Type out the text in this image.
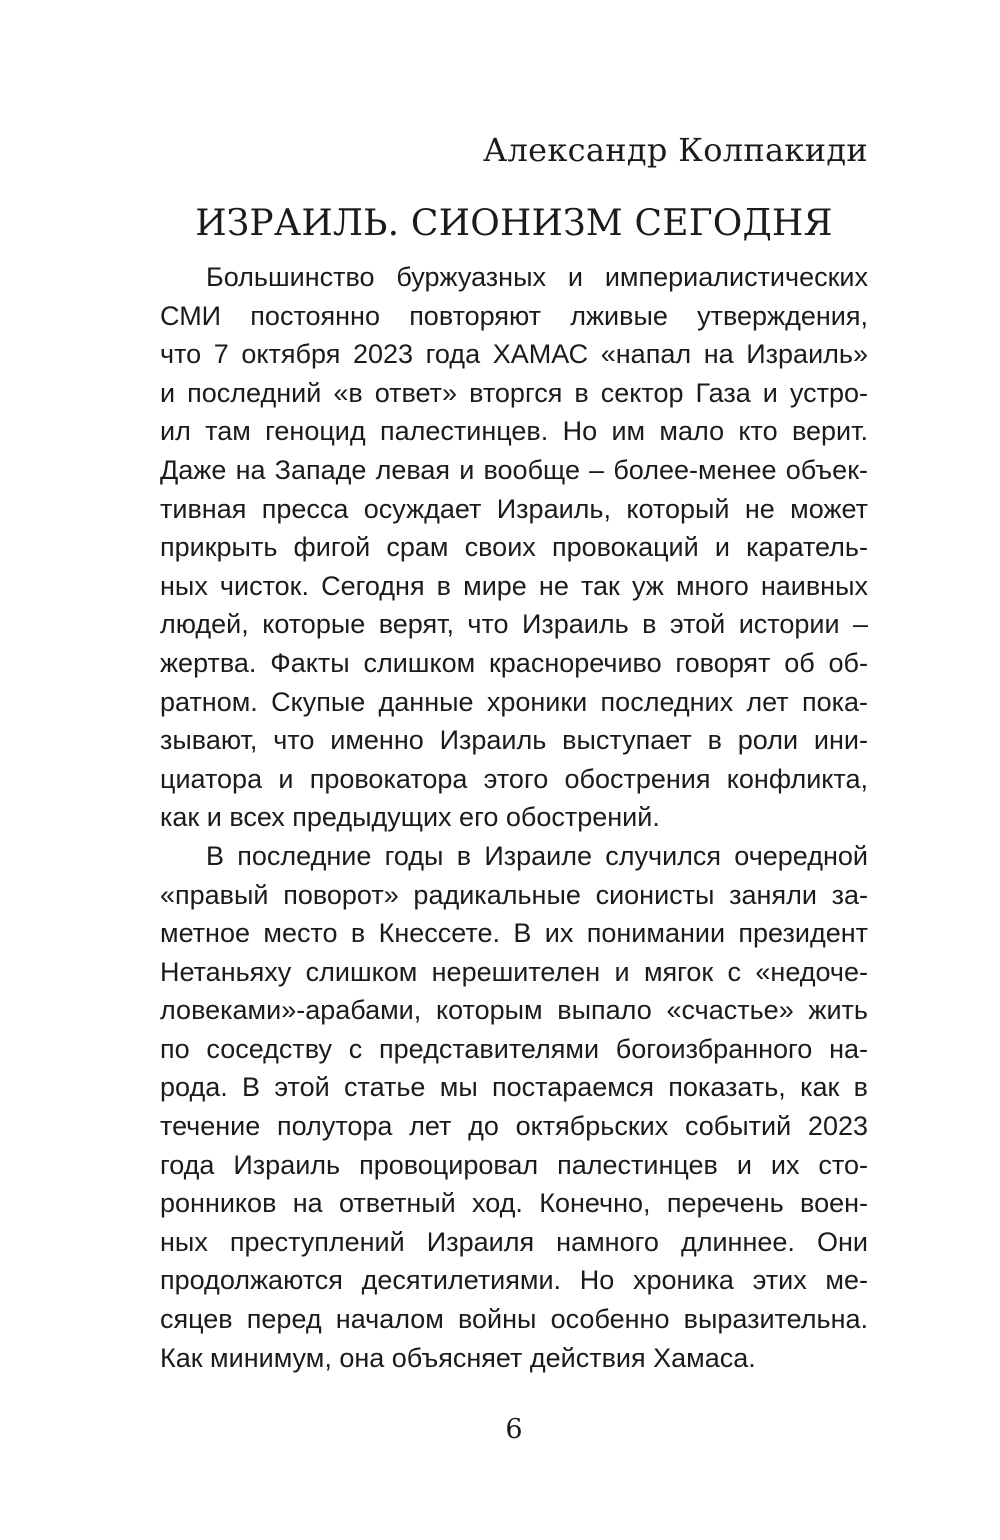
Александр Колпакиди

ИЗРАИЛЬ. СИОНИЗМ СЕГОДНЯ

Большинство буржуазных и империалистических
СМИ постоянно повторяют лживые утверждения,
что 7 октября 2023 года ХАМАС «напал на Израиль»
и последний «в ответ» вторгся в сектор Газа и устро-
ил там геноцид палестинцев. Но им мало кто верит.
Даже на Западе левая и вообще – более-менее объек-
тивная пресса осуждает Израиль, который не может
прикрыть фигой срам своих провокаций и каратель-
ных чисток. Сегодня в мире не так уж много наивных
людей, которые верят, что Израиль в этой истории –
жертва. Факты слишком красноречиво говорят об об-
ратном. Скупые данные хроники последних лет пока-
зывают, что именно Израиль выступает в роли ини-
циатора и провокатора этого обострения конфликта,
как и всех предыдущих его обострений.

В последние годы в Израиле случился очередной
«правый поворот» радикальные сионисты заняли за-
метное место в Кнессете. В их понимании президент
Нетаньяху слишком нерешителен и мягок с «недоче-
ловеками»-арабами, которым выпало «счастье» жить
по соседству с представителями богоизбранного на-
рода. В этой статье мы постараемся показать, как в
течение полутора лет до октябрьских событий 2023
года Израиль провоцировал палестинцев и их сто-
ронников на ответный ход. Конечно, перечень воен-
ных преступлений Израиля намного длиннее. Они
продолжаются десятилетиями. Но хроника этих ме-
сяцев перед началом войны особенно выразительна.
Как минимум, она объясняет действия Хамаса.

6
